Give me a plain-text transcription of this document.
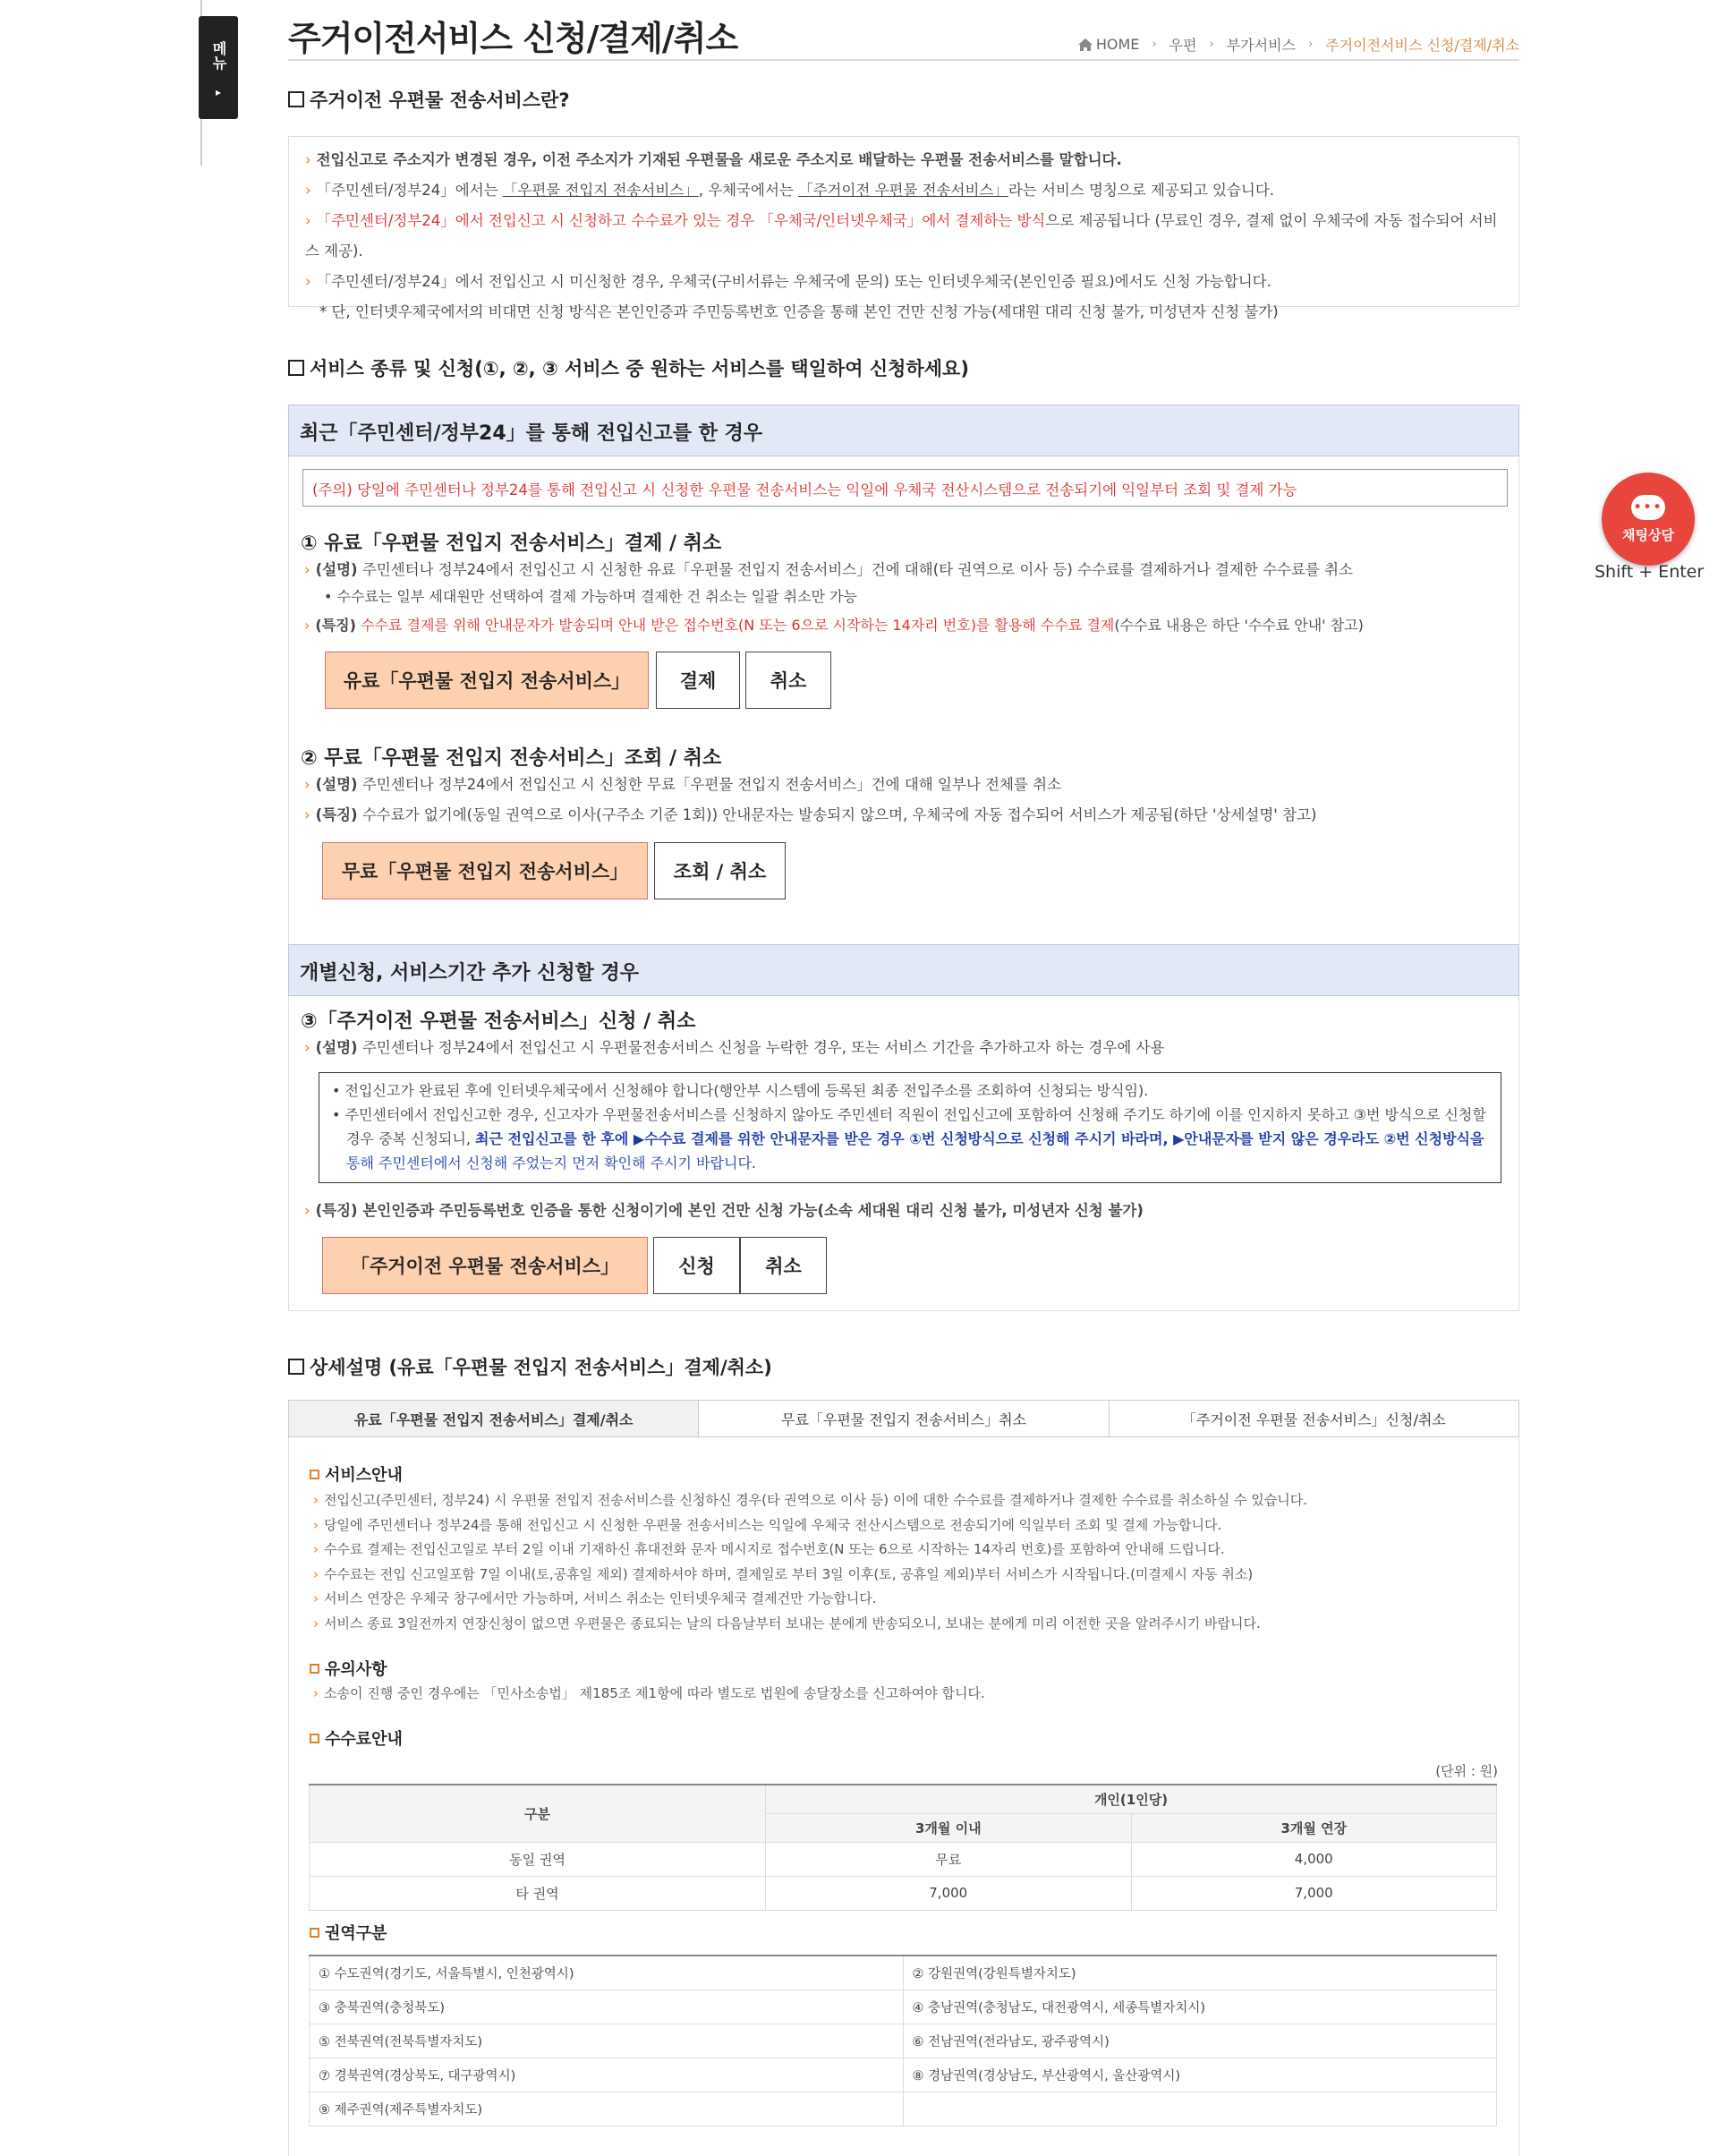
메뉴
▸
주거이전서비스 신청/결제/취소	HOME › 우편 › 부가서비스 › 주거이전서비스 신청/결제/취소
주거이전 우편물 전송서비스란?
› 전입신고로 주소지가 변경된 경우, 이전 주소지가 기재된 우편물을 새로운 주소지로 배달하는 우편물 전송서비스를 말합니다.
› 「주민센터/정부24」에서는 「우편물 전입지 전송서비스」, 우체국에서는 「주거이전 우편물 전송서비스」라는 서비스 명칭으로 제공되고 있습니다.
› 「주민센터/정부24」에서 전입신고 시 신청하고 수수료가 있는 경우 「우체국/인터넷우체국」에서 결제하는 방식으로 제공됩니다 (무료인 경우, 결제 없이 우체국에 자동 접수되어 서비스 제공).
› 「주민센터/정부24」에서 전입신고 시 미신청한 경우, 우체국(구비서류는 우체국에 문의) 또는 인터넷우체국(본인인증 필요)에서도 신청 가능합니다.
* 단, 인터넷우체국에서의 비대면 신청 방식은 본인인증과 주민등록번호 인증을 통해 본인 건만 신청 가능(세대원 대리 신청 불가, 미성년자 신청 불가)
서비스 종류 및 신청(①, ②, ③ 서비스 중 원하는 서비스를 택일하여 신청하세요)
최근「주민센터/정부24」를 통해 전입신고를 한 경우
(주의) 당일에 주민센터나 정부24를 통해 전입신고 시 신청한 우편물 전송서비스는 익일에 우체국 전산시스템으로 전송되기에 익일부터 조회 및 결제 가능
① 유료「우편물 전입지 전송서비스」결제 / 취소
› (설명) 주민센터나 정부24에서 전입신고 시 신청한 유료「우편물 전입지 전송서비스」건에 대해(타 권역으로 이사 등) 수수료를 결제하거나 결제한 수수료를 취소
• 수수료는 일부 세대원만 선택하여 결제 가능하며 결제한 건 취소는 일괄 취소만 가능
› (특징) 수수료 결제를 위해 안내문자가 발송되며 안내 받은 접수번호(N 또는 6으로 시작하는 14자리 번호)를 활용해 수수료 결제(수수료 내용은 하단 '수수료 안내' 참고)
유료「우편물 전입지 전송서비스」	결제	취소
② 무료「우편물 전입지 전송서비스」조회 / 취소
› (설명) 주민센터나 정부24에서 전입신고 시 신청한 무료「우편물 전입지 전송서비스」건에 대해 일부나 전체를 취소
› (특징) 수수료가 없기에(동일 권역으로 이사(구주소 기준 1회)) 안내문자는 발송되지 않으며, 우체국에 자동 접수되어 서비스가 제공됨(하단 '상세설명' 참고)
무료「우편물 전입지 전송서비스」	조회 / 취소
개별신청, 서비스기간 추가 신청할 경우
③「주거이전 우편물 전송서비스」신청 / 취소
› (설명) 주민센터나 정부24에서 전입신고 시 우편물전송서비스 신청을 누락한 경우, 또는 서비스 기간을 추가하고자 하는 경우에 사용
• 전입신고가 완료된 후에 인터넷우체국에서 신청해야 합니다(행안부 시스템에 등록된 최종 전입주소를 조회하여 신청되는 방식임).
• 주민센터에서 전입신고한 경우, 신고자가 우편물전송서비스를 신청하지 않아도 주민센터 직원이 전입신고에 포함하여 신청해 주기도 하기에 이를 인지하지 못하고 ③번 방식으로 신청할
경우 중복 신청되니, 최근 전입신고를 한 후에 ▶수수료 결제를 위한 안내문자를 받은 경우 ①번 신청방식으로 신청해 주시기 바라며, ▶안내문자를 받지 않은 경우라도 ②번 신청방식을
통해 주민센터에서 신청해 주었는지 먼저 확인해 주시기 바랍니다.
› (특징) 본인인증과 주민등록번호 인증을 통한 신청이기에 본인 건만 신청 가능(소속 세대원 대리 신청 불가, 미성년자 신청 불가)
「주거이전 우편물 전송서비스」	신청	취소
상세설명 (유료「우편물 전입지 전송서비스」결제/취소)
유료「우편물 전입지 전송서비스」결제/취소	무료「우편물 전입지 전송서비스」취소	「주거이전 우편물 전송서비스」신청/취소
서비스안내
› 전입신고(주민센터, 정부24) 시 우편물 전입지 전송서비스를 신청하신 경우(타 권역으로 이사 등) 이에 대한 수수료를 결제하거나 결제한 수수료를 취소하실 수 있습니다.
› 당일에 주민센터나 정부24를 통해 전입신고 시 신청한 우편물 전송서비스는 익일에 우체국 전산시스템으로 전송되기에 익일부터 조회 및 결제 가능합니다.
› 수수료 결제는 전입신고일로 부터 2일 이내 기재하신 휴대전화 문자 메시지로 접수번호(N 또는 6으로 시작하는 14자리 번호)를 포함하여 안내해 드립니다.
› 수수료는 전입 신고일포함 7일 이내(토,공휴일 제외) 결제하셔야 하며, 결제일로 부터 3일 이후(토, 공휴일 제외)부터 서비스가 시작됩니다.(미결제시 자동 취소)
› 서비스 연장은 우체국 창구에서만 가능하며, 서비스 취소는 인터넷우체국 결제건만 가능합니다.
› 서비스 종료 3일전까지 연장신청이 없으면 우편물은 종료되는 날의 다음날부터 보내는 분에게 반송되오니, 보내는 분에게 미리 이전한 곳을 알려주시기 바랍니다.
유의사항
› 소송이 진행 중인 경우에는 「민사소송법」 제185조 제1항에 따라 별도로 법원에 송달장소를 신고하여야 합니다.
수수료안내
(단위 : 원)
구분	개인(1인당)	
	3개월 이내	3개월 연장
동일 권역	무료	4,000
타 권역	7,000	7,000
권역구분
① 수도권역(경기도, 서울특별시, 인천광역시)	② 강원권역(강원특별자치도)
③ 충북권역(충청북도)	④ 충남권역(충청남도, 대전광역시, 세종특별자치시)
⑤ 전북권역(전북특별자치도)	⑥ 전남권역(전라남도, 광주광역시)
⑦ 경북권역(경상북도, 대구광역시)	⑧ 경남권역(경상남도, 부산광역시, 울산광역시)
⑨ 제주권역(제주특별자치도)	
•••
채팅상담
Shift + Enter
